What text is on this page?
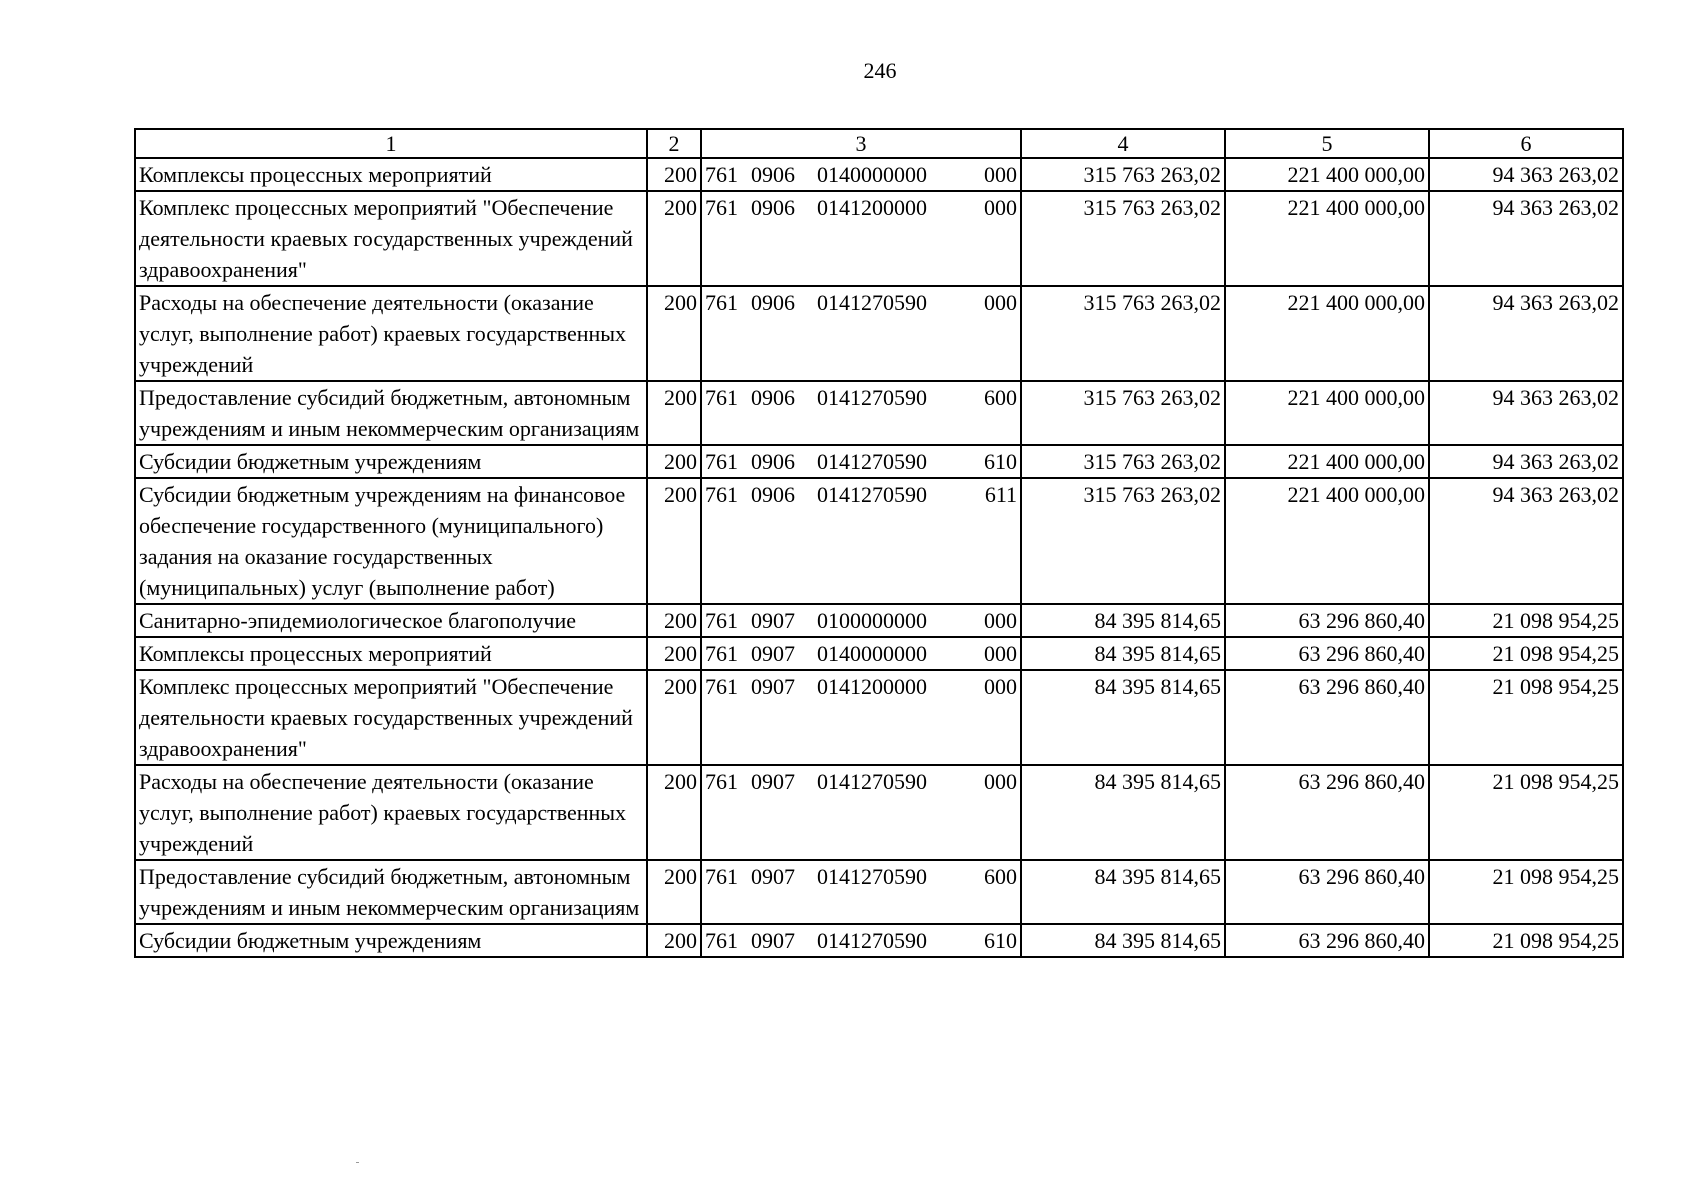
246
1	2	3	4	5	6
Комплексы процессных мероприятий	200	761 0906 0140000000 000	315 763 263,02	221 400 000,00	94 363 263,02
Комплекс процессных мероприятий "Обеспечение деятельности краевых государственных учреждений здравоохранения"	200	761 0906 0141200000 000	315 763 263,02	221 400 000,00	94 363 263,02
Расходы на обеспечение деятельности (оказание услуг, выполнение работ) краевых государственных учреждений	200	761 0906 0141270590 000	315 763 263,02	221 400 000,00	94 363 263,02
Предоставление субсидий бюджетным, автономным учреждениям и иным некоммерческим организациям	200	761 0906 0141270590 600	315 763 263,02	221 400 000,00	94 363 263,02
Субсидии бюджетным учреждениям	200	761 0906 0141270590 610	315 763 263,02	221 400 000,00	94 363 263,02
Субсидии бюджетным учреждениям на финансовое обеспечение государственного (муниципального) задания на оказание государственных (муниципальных) услуг (выполнение работ)	200	761 0906 0141270590 611	315 763 263,02	221 400 000,00	94 363 263,02
Санитарно-эпидемиологическое благополучие	200	761 0907 0100000000 000	84 395 814,65	63 296 860,40	21 098 954,25
Комплексы процессных мероприятий	200	761 0907 0140000000 000	84 395 814,65	63 296 860,40	21 098 954,25
Комплекс процессных мероприятий "Обеспечение деятельности краевых государственных учреждений здравоохранения"	200	761 0907 0141200000 000	84 395 814,65	63 296 860,40	21 098 954,25
Расходы на обеспечение деятельности (оказание услуг, выполнение работ) краевых государственных учреждений	200	761 0907 0141270590 000	84 395 814,65	63 296 860,40	21 098 954,25
Предоставление субсидий бюджетным, автономным учреждениям и иным некоммерческим организациям	200	761 0907 0141270590 600	84 395 814,65	63 296 860,40	21 098 954,25
Субсидии бюджетным учреждениям	200	761 0907 0141270590 610	84 395 814,65	63 296 860,40	21 098 954,25
